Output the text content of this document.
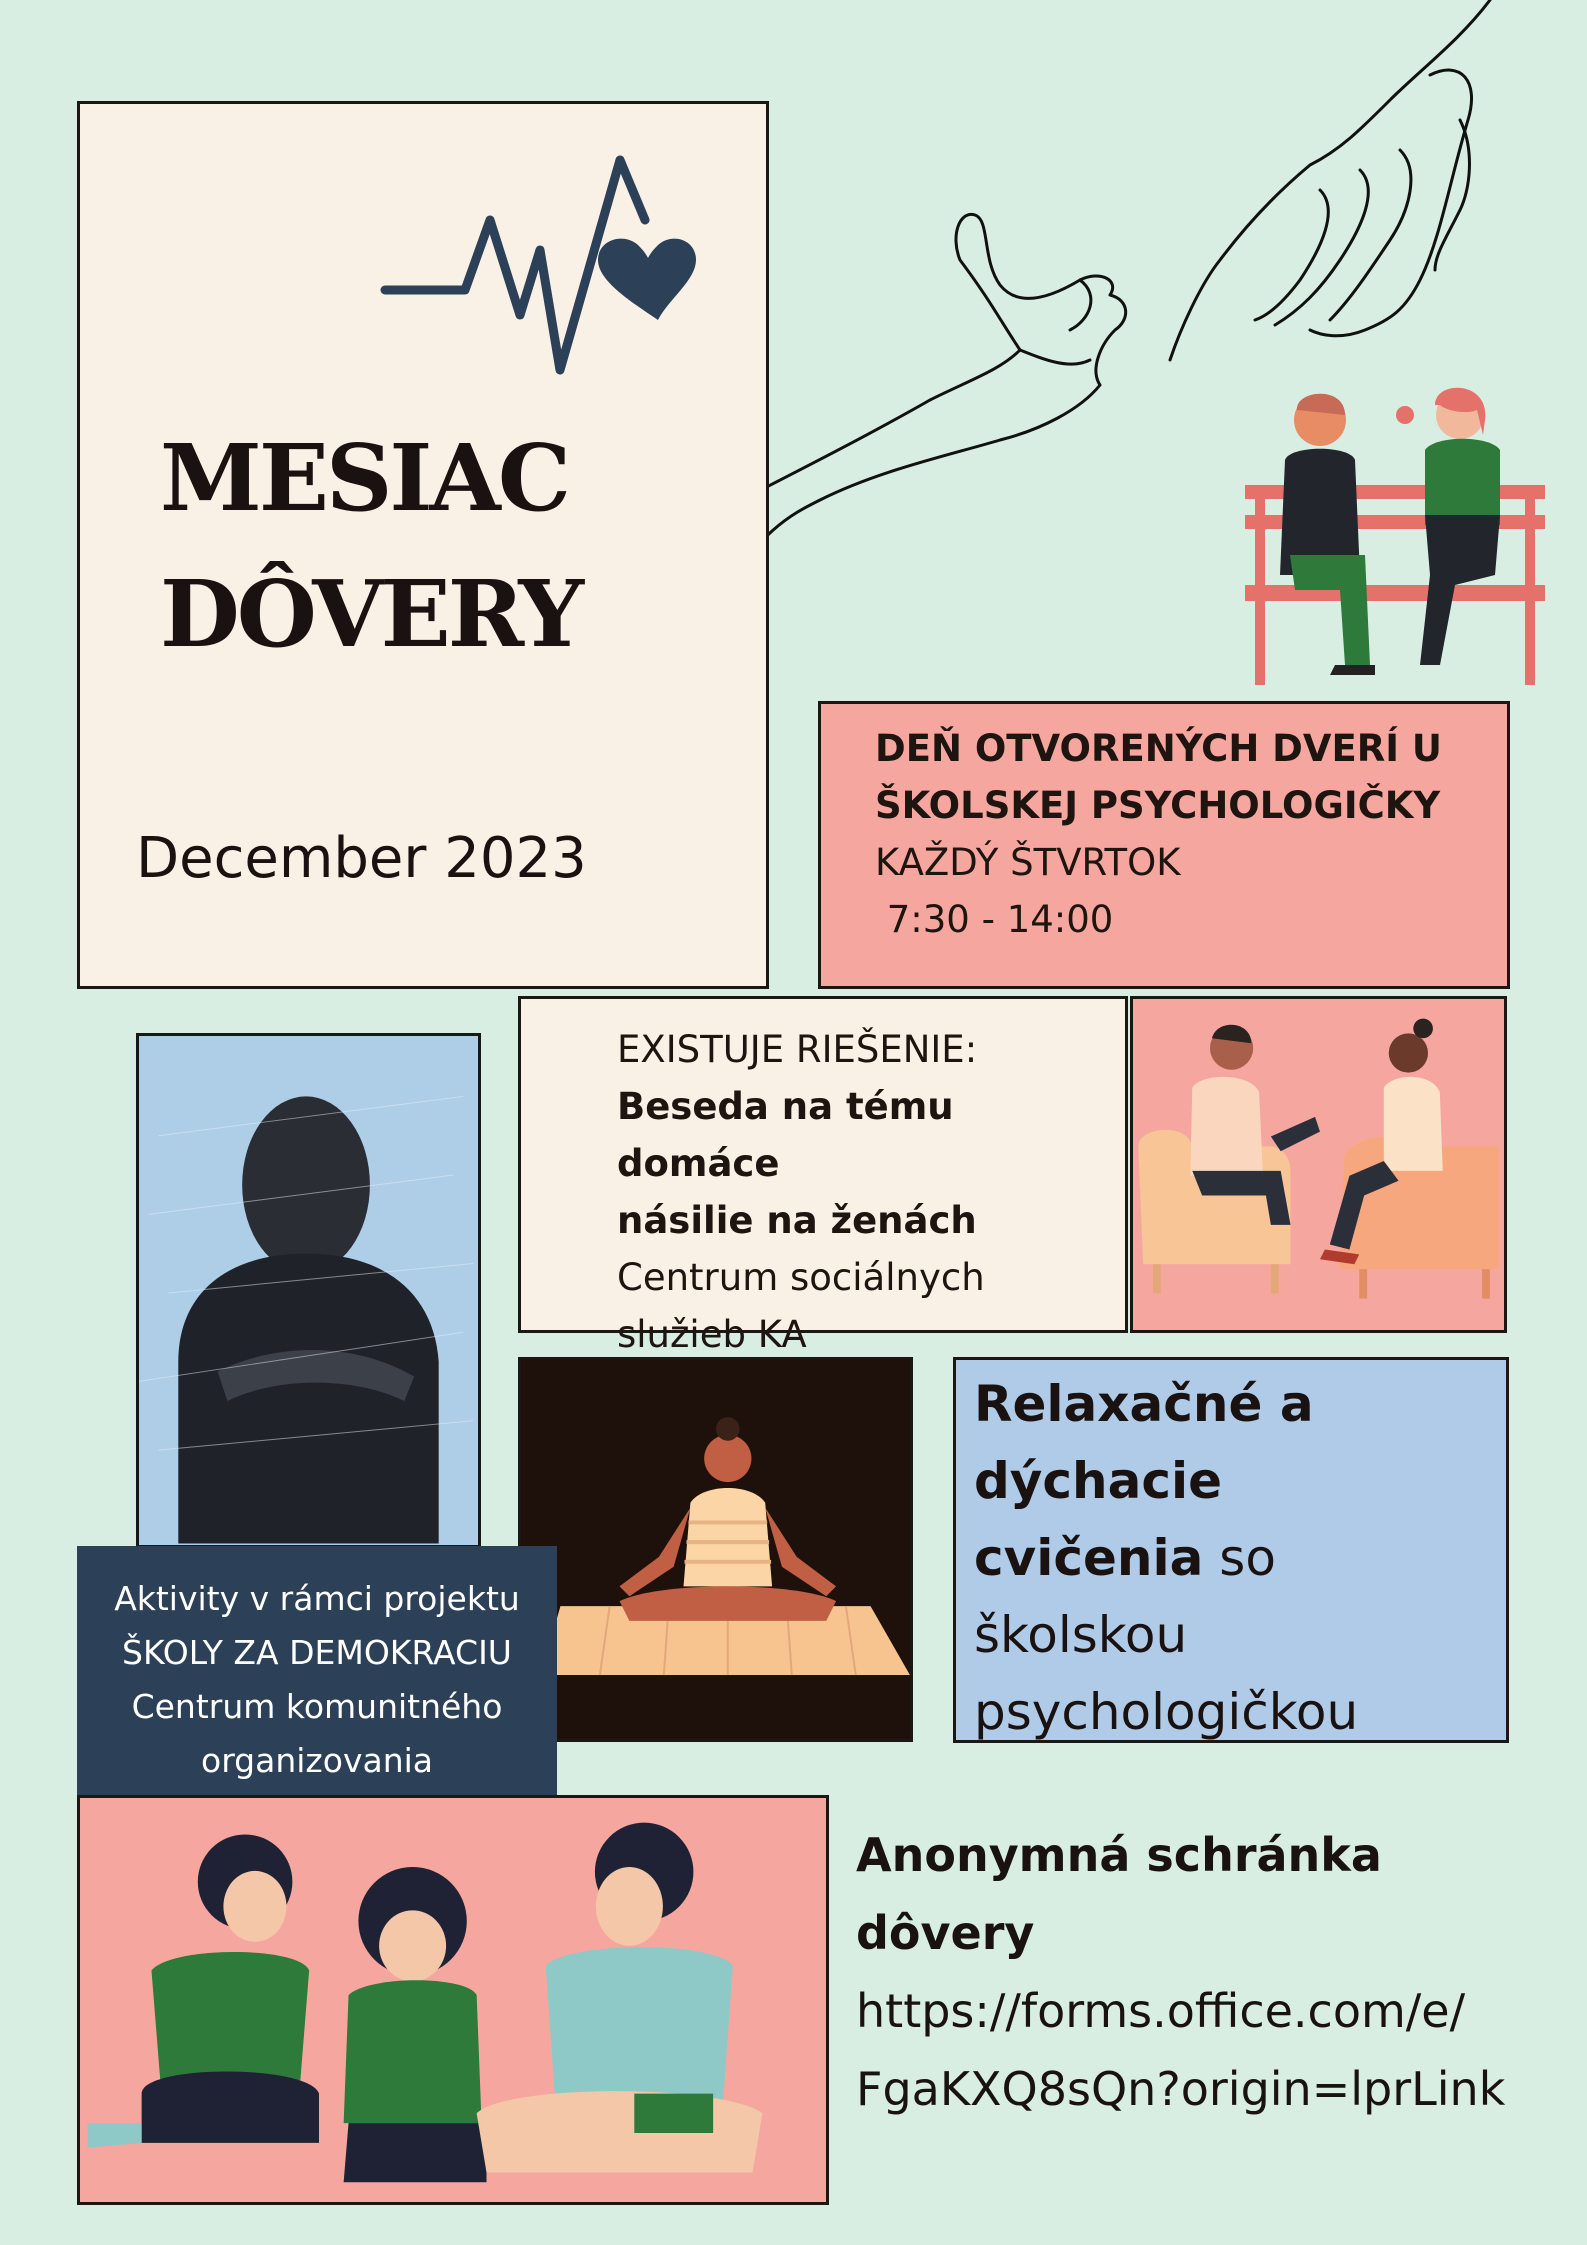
MESIAC
DÔVERY
December 2023
DEŇ OTVORENÝCH DVERÍ U
ŠKOLSKEJ PSYCHOLOGIČKY
KAŽDÝ ŠTVRTOK
7:30 - 14:00
EXISTUJE RIEŠENIE:
Beseda na tému domáce
násilie na ženách
Centrum sociálnych
služieb KA
Relaxačné a
dýchacie
cvičenia so
školskou
psychologičkou
Aktivity v rámci projektu
ŠKOLY ZA DEMOKRACIU
Centrum komunitného
organizovania
Anonymná schránka
dôvery
https://forms.office.com/e/
FgaKXQ8sQn?origin=lprLink
